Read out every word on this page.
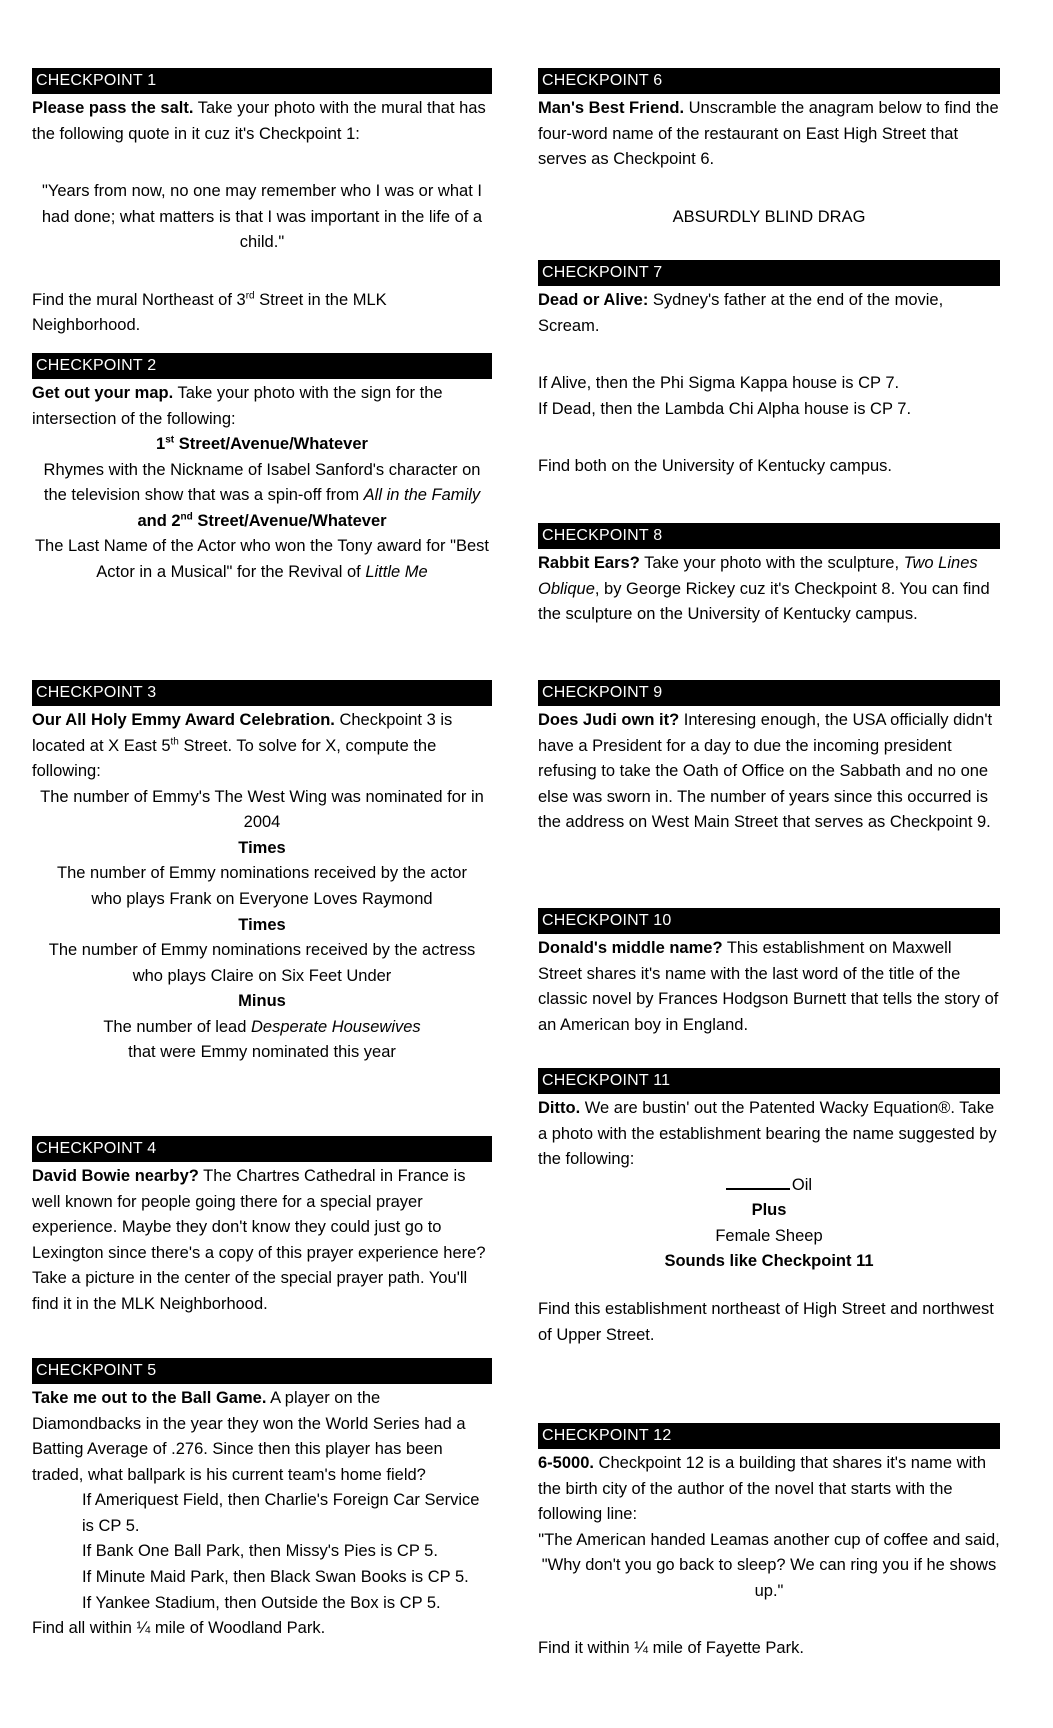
CHECKPOINT 1

Please pass the salt. Take your photo with the mural that has the following quote in it cuz it's Checkpoint 1:

"Years from now, no one may remember who I was or what I had done; what matters is that I was important in the life of a child."

Find the mural Northeast of 3rd Street in the MLK Neighborhood.

CHECKPOINT 2

Get out your map. Take your photo with the sign for the intersection of the following:

1st Street/Avenue/Whatever

Rhymes with the Nickname of Isabel Sanford's character on the television show that was a spin-off from All in the Family

and 2nd Street/Avenue/Whatever

The Last Name of the Actor who won the Tony award for "Best Actor in a Musical" for the Revival of Little Me

CHECKPOINT 3

Our All Holy Emmy Award Celebration. Checkpoint 3 is located at X East 5th Street. To solve for X, compute the following:

The number of Emmy's The West Wing was nominated for in 2004

Times

The number of Emmy nominations received by the actor

who plays Frank on Everyone Loves Raymond

Times

The number of Emmy nominations received by the actress

who plays Claire on Six Feet Under

Minus

The number of lead Desperate Housewives

that were Emmy nominated this year

CHECKPOINT 4

David Bowie nearby? The Chartres Cathedral in France is well known for people going there for a special prayer experience. Maybe they don't know they could just go to Lexington since there's a copy of this prayer experience here? Take a picture in the center of the special prayer path. You'll find it in the MLK Neighborhood.

CHECKPOINT 5

Take me out to the Ball Game. A player on the Diamondbacks in the year they won the World Series had a Batting Average of .276. Since then this player has been traded, what ballpark is his current team's home field?

If Ameriquest Field, then Charlie's Foreign Car Service is CP 5.

If Bank One Ball Park, then Missy's Pies is CP 5.

If Minute Maid Park, then Black Swan Books is CP 5.

If Yankee Stadium, then Outside the Box is CP 5.

Find all within ¼ mile of Woodland Park.

CHECKPOINT 6

Man's Best Friend. Unscramble the anagram below to find the four-word name of the restaurant on East High Street that serves as Checkpoint 6.

ABSURDLY BLIND DRAG

CHECKPOINT 7

Dead or Alive: Sydney's father at the end of the movie, Scream.

If Alive, then the Phi Sigma Kappa house is CP 7.

If Dead, then the Lambda Chi Alpha house is CP 7.

Find both on the University of Kentucky campus.

CHECKPOINT 8

Rabbit Ears? Take your photo with the sculpture, Two Lines Oblique, by George Rickey cuz it's Checkpoint 8. You can find the sculpture on the University of Kentucky campus.

CHECKPOINT 9

Does Judi own it? Interesing enough, the USA officially didn't have a President for a day to due the incoming president refusing to take the Oath of Office on the Sabbath and no one else was sworn in. The number of years since this occurred is the address on West Main Street that serves as Checkpoint 9.

CHECKPOINT 10

Donald's middle name? This establishment on Maxwell Street shares it's name with the last word of the title of the classic novel by Frances Hodgson Burnett that tells the story of an American boy in England.

CHECKPOINT 11

Ditto. We are bustin' out the Patented Wacky Equation®. Take a photo with the establishment bearing the name suggested by the following:

Oil

Plus

Female Sheep

Sounds like Checkpoint 11

Find this establishment northeast of High Street and northwest of Upper Street.

CHECKPOINT 12

6-5000. Checkpoint 12 is a building that shares it's name with the birth city of the author of the novel that starts with the following line:

"The American handed Leamas another cup of coffee and said, "Why don't you go back to sleep? We can ring you if he shows up."

Find it within ¼ mile of Fayette Park.
